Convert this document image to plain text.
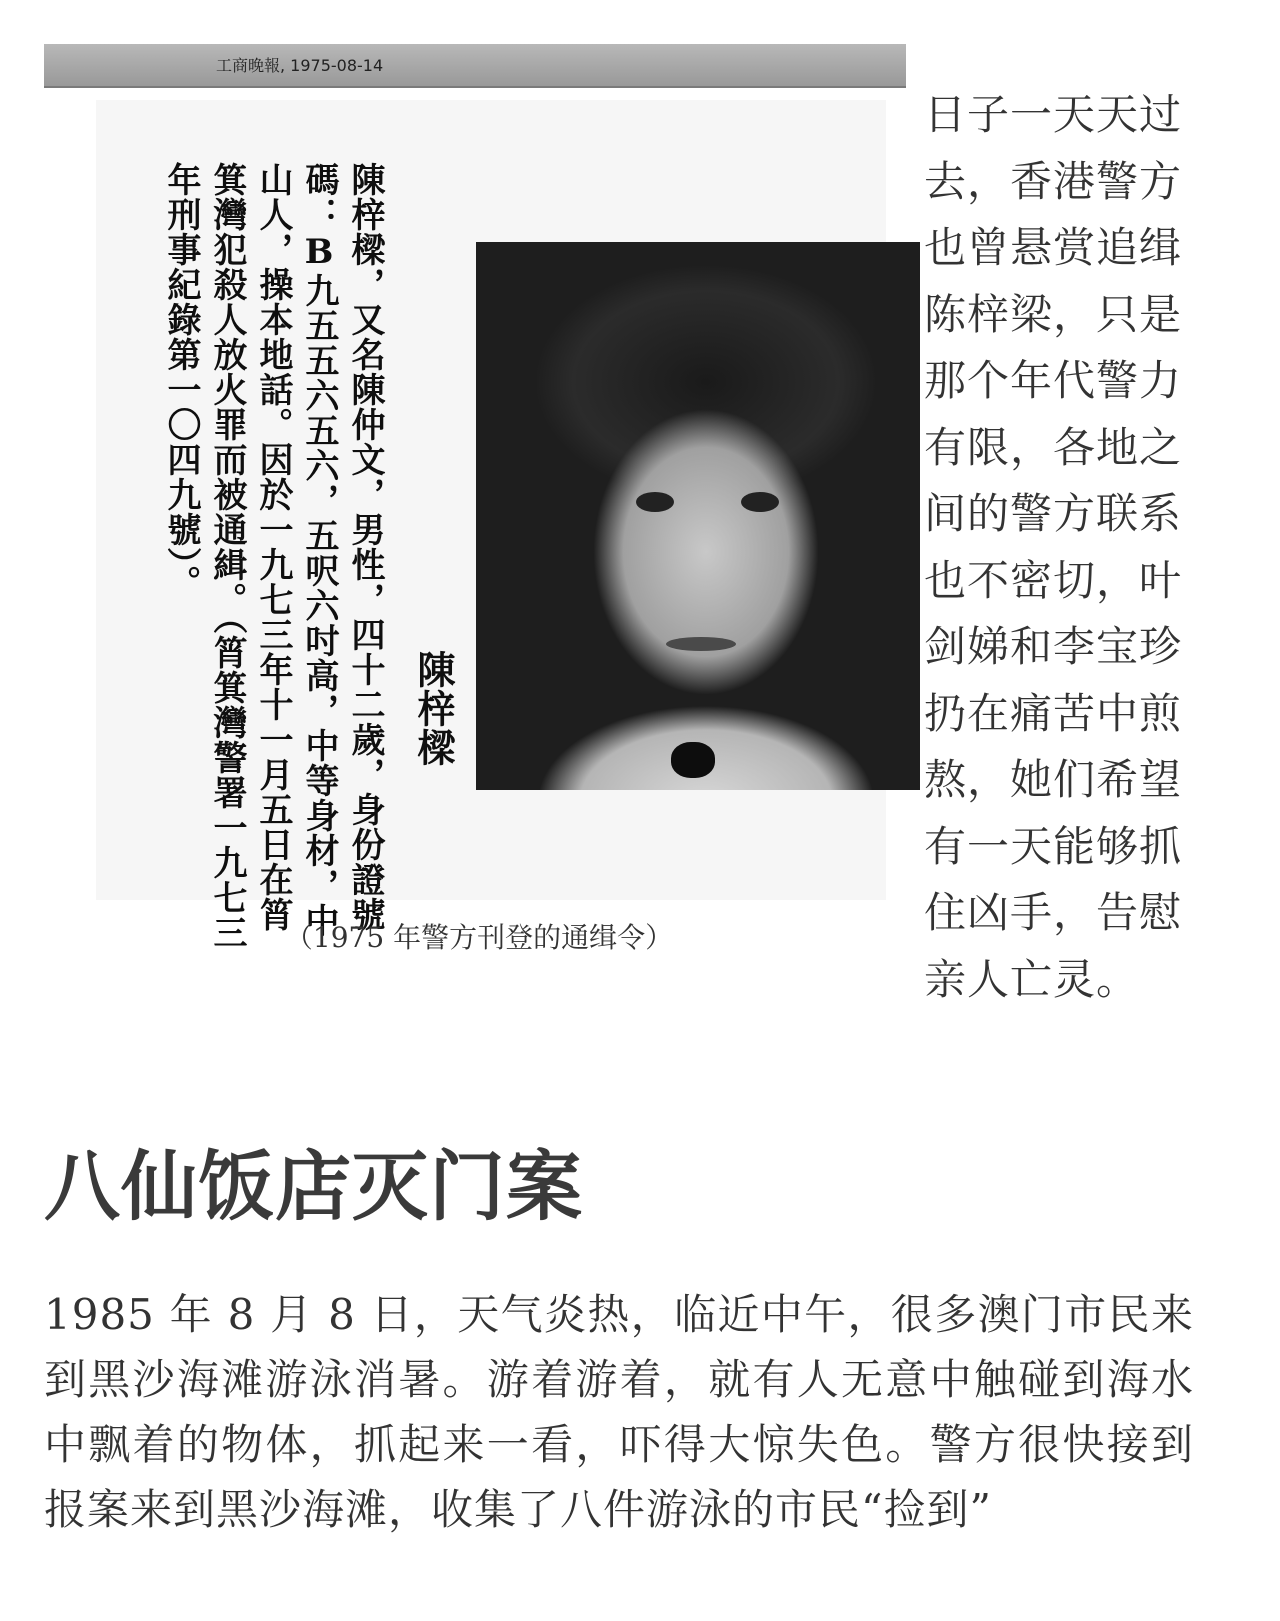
工商晚報, 1975-08-14
陳梓樑，又名陳仲文，男性，四十二歲，身份證號碼：B九五五六五六，五呎六吋高，中等身材，中山人，操本地話。因於一九七三年十一月五日在筲箕灣犯殺人放火罪而被通緝。（筲箕灣警署一九七三年刑事紀錄第一〇四九號）。
陳梓樑
（1975 年警方刊登的通缉令）

日子一天天过去，香港警方也曾悬赏追缉陈梓梁，只是那个年代警力有限，各地之间的警方联系也不密切，叶剑娣和李宝珍扔在痛苦中煎熬，她们希望有一天能够抓住凶手，告慰亲人亡灵。

八仙饭店灭门案

1985 年 8 月 8 日，天气炎热，临近中午，很多澳门市民来到黑沙海滩游泳消暑。游着游着，就有人无意中触碰到海水中飘着的物体，抓起来一看，吓得大惊失色。警方很快接到报案来到黑沙海滩，收集了八件游泳的市民“捡到”
